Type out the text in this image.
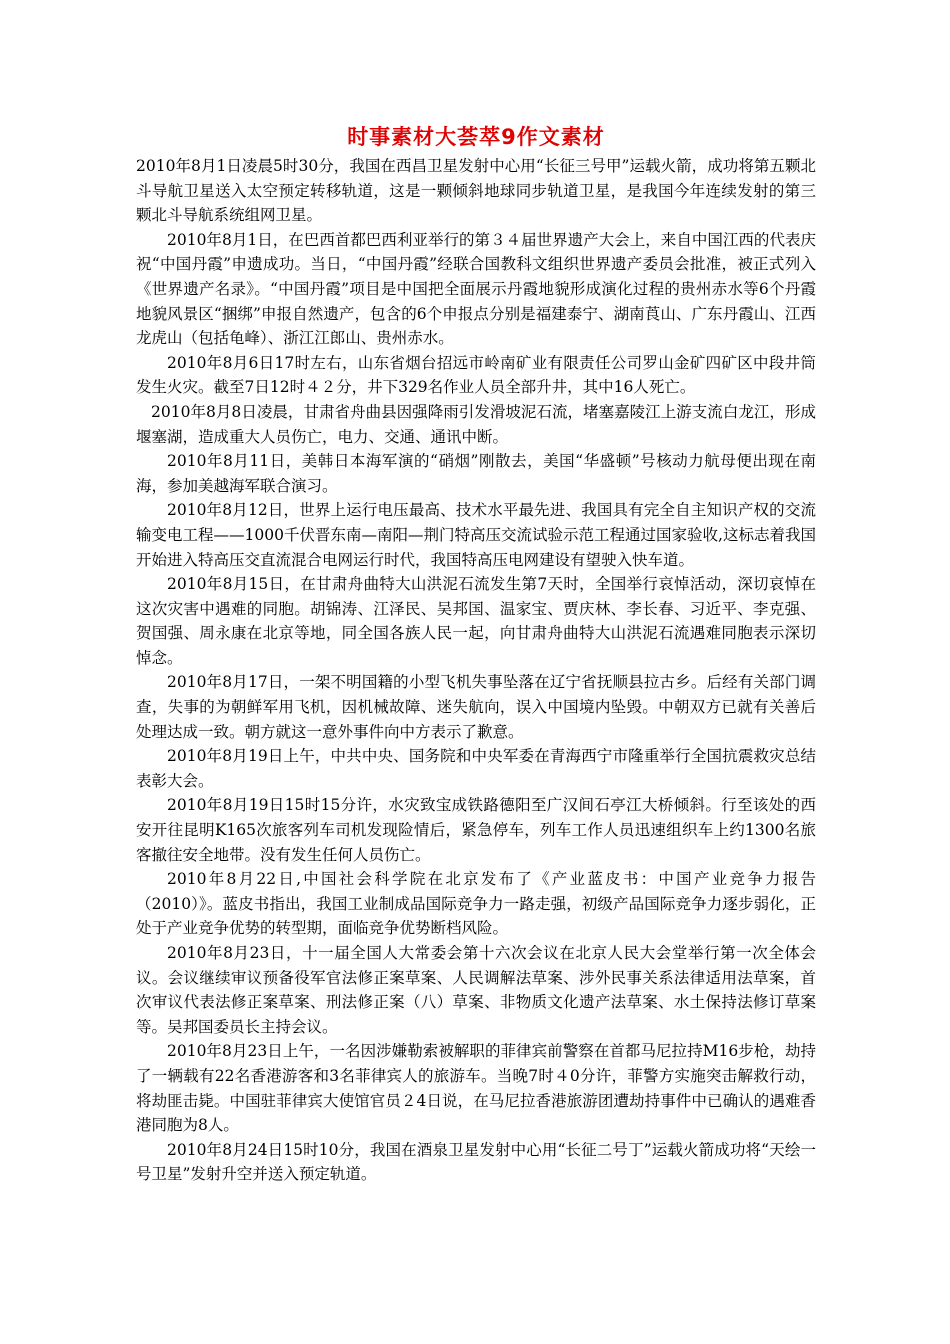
时事素材大荟萃9作文素材

2010年8月1日凌晨5时30分，我国在西昌卫星发射中心用“长征三号甲”运载火箭，成功将第五颗北斗导航卫星送入太空预定转移轨道，这是一颗倾斜地球同步轨道卫星，是我国今年连续发射的第三颗北斗导航系统组网卫星。

2010年8月1日，在巴西首都巴西利亚举行的第３４届世界遗产大会上，来自中国江西的代表庆祝“中国丹霞”申遗成功。当日，“中国丹霞”经联合国教科文组织世界遗产委员会批准，被正式列入《世界遗产名录》。“中国丹霞”项目是中国把全面展示丹霞地貌形成演化过程的贵州赤水等6个丹霞地貌风景区“捆绑”申报自然遗产，包含的6个申报点分别是福建泰宁、湖南莨山、广东丹霞山、江西龙虎山（包括龟峰）、浙江江郎山、贵州赤水。

2010年8月6日17时左右，山东省烟台招远市岭南矿业有限责任公司罗山金矿四矿区中段井筒发生火灾。截至7日12时４２分，井下329名作业人员全部升井，其中16人死亡。

2010年8月8日凌晨，甘肃省舟曲县因强降雨引发滑坡泥石流，堵塞嘉陵江上游支流白龙江，形成堰塞湖，造成重大人员伤亡，电力、交通、通讯中断。

2010年8月11日，美韩日本海军演的“硝烟”刚散去，美国“华盛顿”号核动力航母便出现在南海，参加美越海军联合演习。

2010年8月12日，世界上运行电压最高、技术水平最先进、我国具有完全自主知识产权的交流输变电工程——1000千伏晋东南—南阳—荆门特高压交流试验示范工程通过国家验收,这标志着我国开始进入特高压交直流混合电网运行时代，我国特高压电网建设有望驶入快车道。

2010年8月15日，在甘肃舟曲特大山洪泥石流发生第7天时，全国举行哀悼活动，深切哀悼在这次灾害中遇难的同胞。胡锦涛、江泽民、吴邦国、温家宝、贾庆林、李长春、习近平、李克强、贺国强、周永康在北京等地，同全国各族人民一起，向甘肃舟曲特大山洪泥石流遇难同胞表示深切悼念。

2010年8月17日，一架不明国籍的小型飞机失事坠落在辽宁省抚顺县拉古乡。后经有关部门调查，失事的为朝鲜军用飞机，因机械故障、迷失航向，误入中国境内坠毁。中朝双方已就有关善后处理达成一致。朝方就这一意外事件向中方表示了歉意。

2010年8月19日上午，中共中央、国务院和中央军委在青海西宁市隆重举行全国抗震救灾总结表彰大会。

2010年8月19日15时15分许，水灾致宝成铁路德阳至广汉间石亭江大桥倾斜。行至该处的西安开往昆明K165次旅客列车司机发现险情后，紧急停车，列车工作人员迅速组织车上约1300名旅客撤往安全地带。没有发生任何人员伤亡。

2010年8月22日,中国社会科学院在北京发布了《产业蓝皮书：中国产业竞争力报告（2010）》。蓝皮书指出，我国工业制成品国际竞争力一路走强，初级产品国际竞争力逐步弱化，正处于产业竞争优势的转型期，面临竞争优势断档风险。

2010年8月23日，十一届全国人大常委会第十六次会议在北京人民大会堂举行第一次全体会议。会议继续审议预备役军官法修正案草案、人民调解法草案、涉外民事关系法律适用法草案，首次审议代表法修正案草案、刑法修正案（八）草案、非物质文化遗产法草案、水土保持法修订草案等。吴邦国委员长主持会议。

2010年8月23日上午，一名因涉嫌勒索被解职的菲律宾前警察在首都马尼拉持M16步枪，劫持了一辆载有22名香港游客和3名菲律宾人的旅游车。当晚7时４0分许，菲警方实施突击解救行动，将劫匪击毙。中国驻菲律宾大使馆官员２4日说，在马尼拉香港旅游团遭劫持事件中已确认的遇难香港同胞为8人。

2010年8月24日15时10分，我国在酒泉卫星发射中心用“长征二号丁”运载火箭成功将“天绘一号卫星”发射升空并送入预定轨道。
